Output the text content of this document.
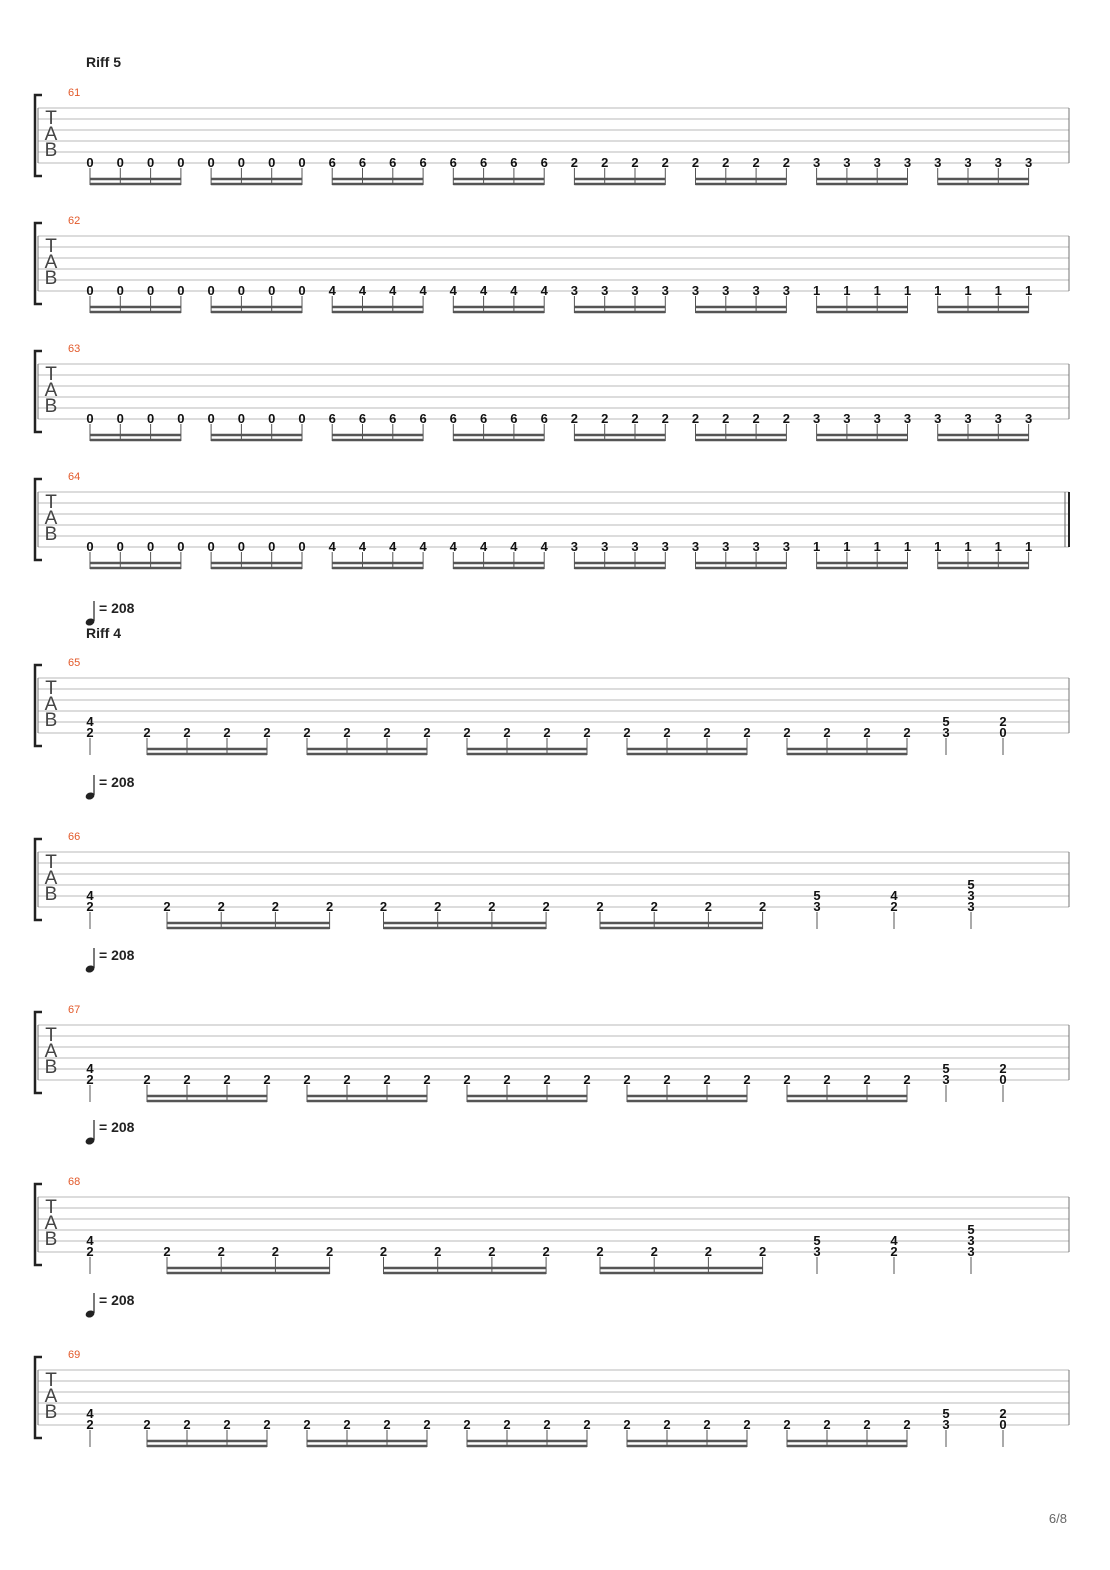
Riff 5
61
T
A
B
0 0 0 0 0 0 0 0 6 6 6 6 6 6 6 6 2 2 2 2 2 2 2 2 3 3 3 3 3 3 3 3
62
T
A
B
0 0 0 0 0 0 0 0 4 4 4 4 4 4 4 4 3 3 3 3 3 3 3 3 1 1 1 1 1 1 1 1
63
T
A
B
0 0 0 0 0 0 0 0 6 6 6 6 6 6 6 6 2 2 2 2 2 2 2 2 3 3 3 3 3 3 3 3
64
T
A
B
0 0 0 0 0 0 0 0 4 4 4 4 4 4 4 4 3 3 3 3 3 3 3 3 1 1 1 1 1 1 1 1
= 208
Riff 4
65
T
A
B
2
4
2	2	2	2	2	2	2	2	2	2	2	2	2	2	2	2	2	2	2	2 3
5
0
2
= 208
66
T
A
B
2
4
2	2	2	2	2	2	2	2	2	2	2	2	3
5
2
4
3
3
5
= 208
67
T
A
B
2
4
2	2	2	2	2	2	2	2	2	2	2	2	2	2	2	2	2	2	2	2 3
5
0
2
= 208
68
T
A
B
2
4
2	2	2	2	2	2	2	2	2	2	2	2	3
5
2
4
3
3
5
= 208
69
T
A
B
2
4
2	2	2	2	2	2	2	2	2	2	2	2	2	2	2	2	2	2	2	2 3
5
0
2
6/8
